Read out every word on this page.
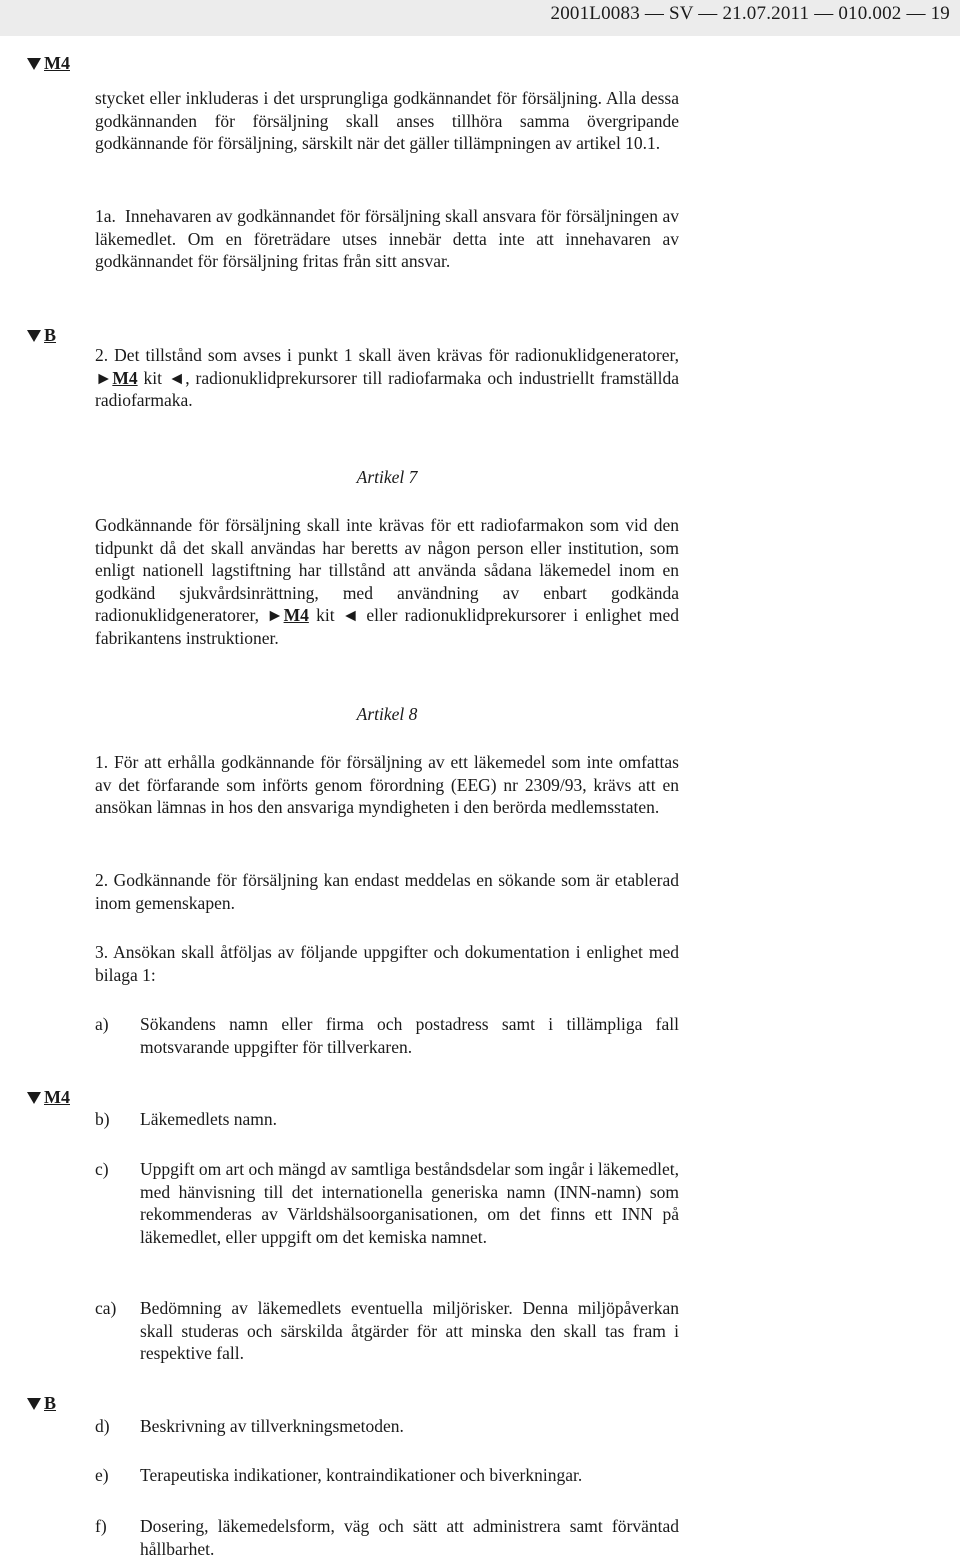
2001L0083 — SV — 21.07.2011 — 010.002 — 19
M4
B
M4
B
stycket eller inkluderas i det ursprungliga godkännandet för försäljning. Alla dessa godkännanden för försäljning skall anses tillhöra samma övergripande godkännande för försäljning, särskilt när det gäller tillämpningen av artikel 10.1.
1a. Innehavaren av godkännandet för försäljning skall ansvara för försäljningen av läkemedlet. Om en företrädare utses innebär detta inte att innehavaren av godkännandet för försäljning fritas från sitt ansvar.
2. Det tillstånd som avses i punkt 1 skall även krävas för radionuklidgeneratorer, ►M4 kit ◄, radionuklidprekursorer till radiofarmaka och industriellt framställda radiofarmaka.
Artikel 7
Godkännande för försäljning skall inte krävas för ett radiofarmakon som vid den tidpunkt då det skall användas har beretts av någon person eller institution, som enligt nationell lagstiftning har tillstånd att använda sådana läkemedel inom en godkänd sjukvårdsinrättning, med användning av enbart godkända radionuklidgeneratorer, ►M4 kit ◄ eller radionuklidprekursorer i enlighet med fabrikantens instruktioner.
Artikel 8
1. För att erhålla godkännande för försäljning av ett läkemedel som inte omfattas av det förfarande som införts genom förordning (EEG) nr 2309/93, krävs att en ansökan lämnas in hos den ansvariga myndigheten i den berörda medlemsstaten.
2. Godkännande för försäljning kan endast meddelas en sökande som är etablerad inom gemenskapen.
3. Ansökan skall åtföljas av följande uppgifter och dokumentation i enlighet med bilaga 1:
a) Sökandens namn eller firma och postadress samt i tillämpliga fall motsvarande uppgifter för tillverkaren.
b) Läkemedlets namn.
c) Uppgift om art och mängd av samtliga beståndsdelar som ingår i läkemedlet, med hänvisning till det internationella generiska namn (INN-namn) som rekommenderas av Världshälsoorganisationen, om det finns ett INN på läkemedlet, eller uppgift om det kemiska namnet.
ca) Bedömning av läkemedlets eventuella miljörisker. Denna miljöpåverkan skall studeras och särskilda åtgärder för att minska den skall tas fram i respektive fall.
d) Beskrivning av tillverkningsmetoden.
e) Terapeutiska indikationer, kontraindikationer och biverkningar.
f) Dosering, läkemedelsform, väg och sätt att administrera samt förväntad hållbarhet.
